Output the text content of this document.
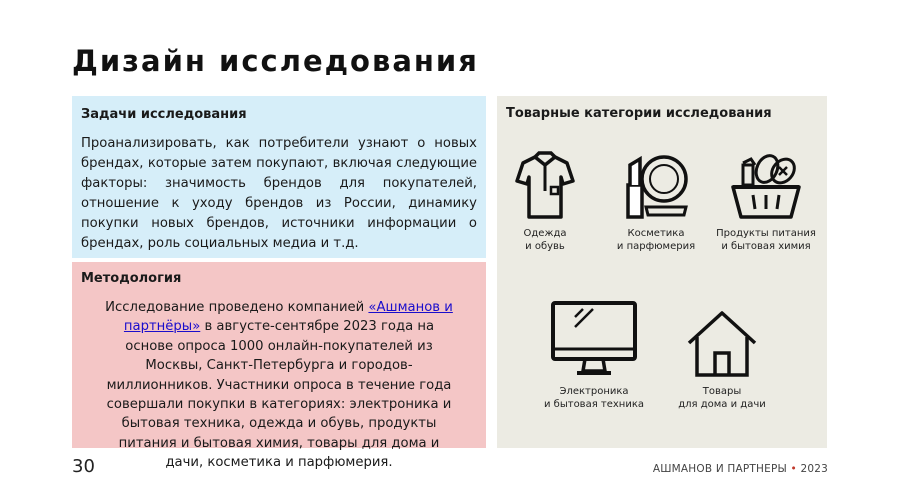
Дизайн исследования
Задачи исследования
Проанализировать, как потребители узнают о новых брендах, которые затем покупают, включая следующие факторы: значимость брендов для покупателей, отношение к уходу брендов из России, динамику покупки новых брендов, источники информации о брендах, роль социальных медиа и т.д.
Методология
Исследование проведено компанией «Ашманов и партнёры» в августе-сентябре 2023 года на основе опроса 1000 онлайн-покупателей из Москвы, Санкт-Петербурга и городов-миллионников. Участники опроса в течение года совершали покупки в категориях: электроника и бытовая техника, одежда и обувь, продукты питания и бытовая химия, товары для дома и дачи, косметика и парфюмерия.
Товарные категории исследования
Одежда
и обувь
Косметика
и парфюмерия
Продукты питания
и бытовая химия
Электроника
и бытовая техника
Товары
для дома и дачи
30	АШМАНОВ И ПАРТНЕРЫ • 2023
